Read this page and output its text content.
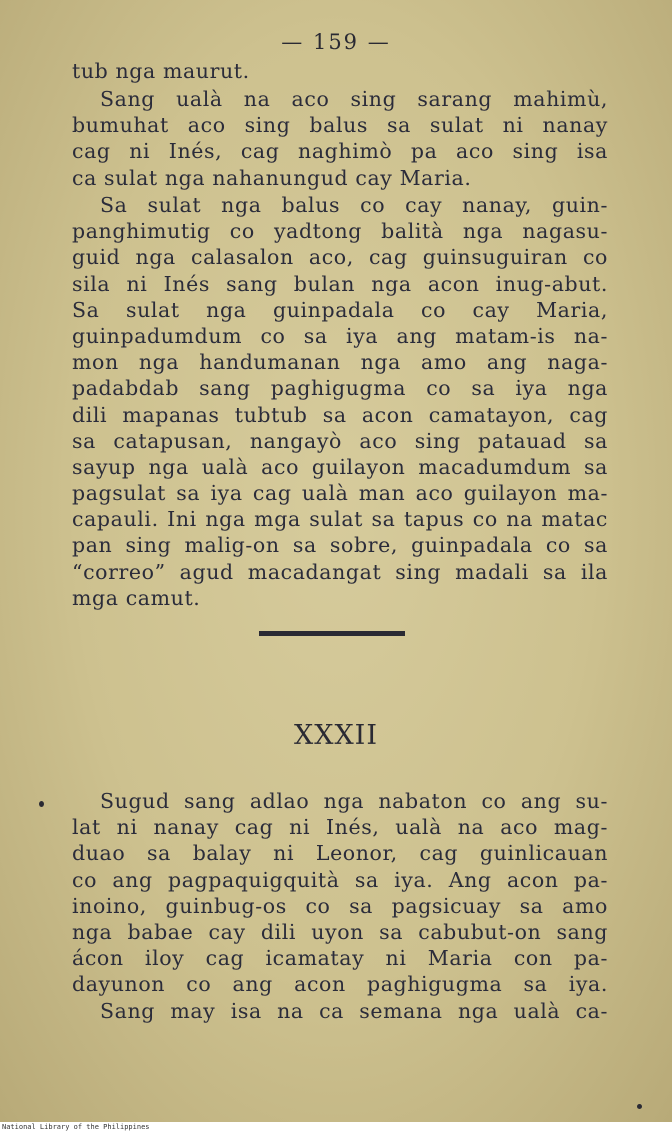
— 159 —
tub nga maurut.
Sang ualà na aco sing sarang mahimù,
bumuhat aco sing balus sa sulat ni nanay
cag ni Inés, cag naghimò pa aco sing isa
ca sulat nga nahanungud cay Maria.
Sa sulat nga balus co cay nanay, guin-
panghimutig co yadtong balità nga nagasu-
guid nga calasalon aco, cag guinsuguiran co
sila ni Inés sang bulan nga acon inug-abut.
Sa sulat nga guinpadala co cay Maria,
guinpadumdum co sa iya ang matam-is na-
mon nga handumanan nga amo ang naga-
padabdab sang paghigugma co sa iya nga
dili mapanas tubtub sa acon camatayon, cag
sa catapusan, nangayò aco sing patauad sa
sayup nga ualà aco guilayon macadumdum sa
pagsulat sa iya cag ualà man aco guilayon ma-
capauli. Ini nga mga sulat sa tapus co na matac
pan sing malig-on sa sobre, guinpadala co sa
“correo” agud macadangat sing madali sa ila
mga camut.
XXXII
Sugud sang adlao nga nabaton co ang su-
lat ni nanay cag ni Inés, ualà na aco mag-
duao sa balay ni Leonor, cag guinlicauan
co ang pagpaquigquità sa iya. Ang acon pa-
inoino, guinbug-os co sa pagsicuay sa amo
nga babae cay dili uyon sa cabubut-on sang
ácon iloy cag icamatay ni Maria con pa-
dayunon co ang acon paghigugma sa iya.
Sang may isa na ca semana nga ualà ca-
National Library of the Philippines
